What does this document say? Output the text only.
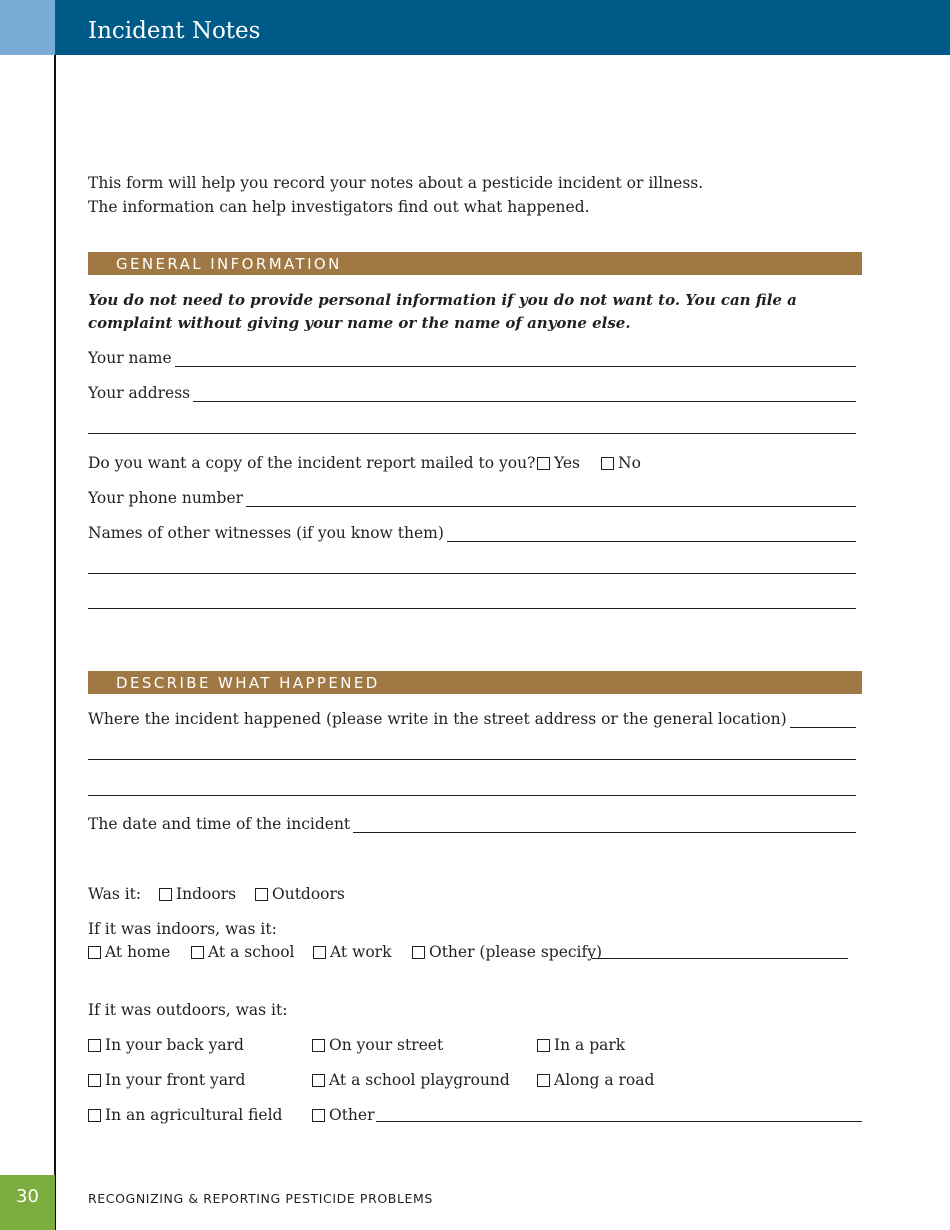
Incident Notes
This form will help you record your notes about a pesticide incident or illness.
The information can help investigators find out what happened.
GENERAL INFORMATION
You do not need to provide personal information if you do not want to. You can file a
complaint without giving your name or the name of anyone else.
Your name
Your address
Do you want a copy of the incident report mailed to you? Yes No
Your phone number
Names of other witnesses (if you know them)
DESCRIBE WHAT HAPPENED
Where the incident happened (please write in the street address or the general location)
The date and time of the incident
Was it: Indoors Outdoors
If it was indoors, was it:
At home At a school At work Other (please specify)
If it was outdoors, was it:
In your back yard	On your street	In a park
In your front yard	At a school playground	Along a road
In an agricultural field	Other
30	RECOGNIZING & REPORTING PESTICIDE PROBLEMS
